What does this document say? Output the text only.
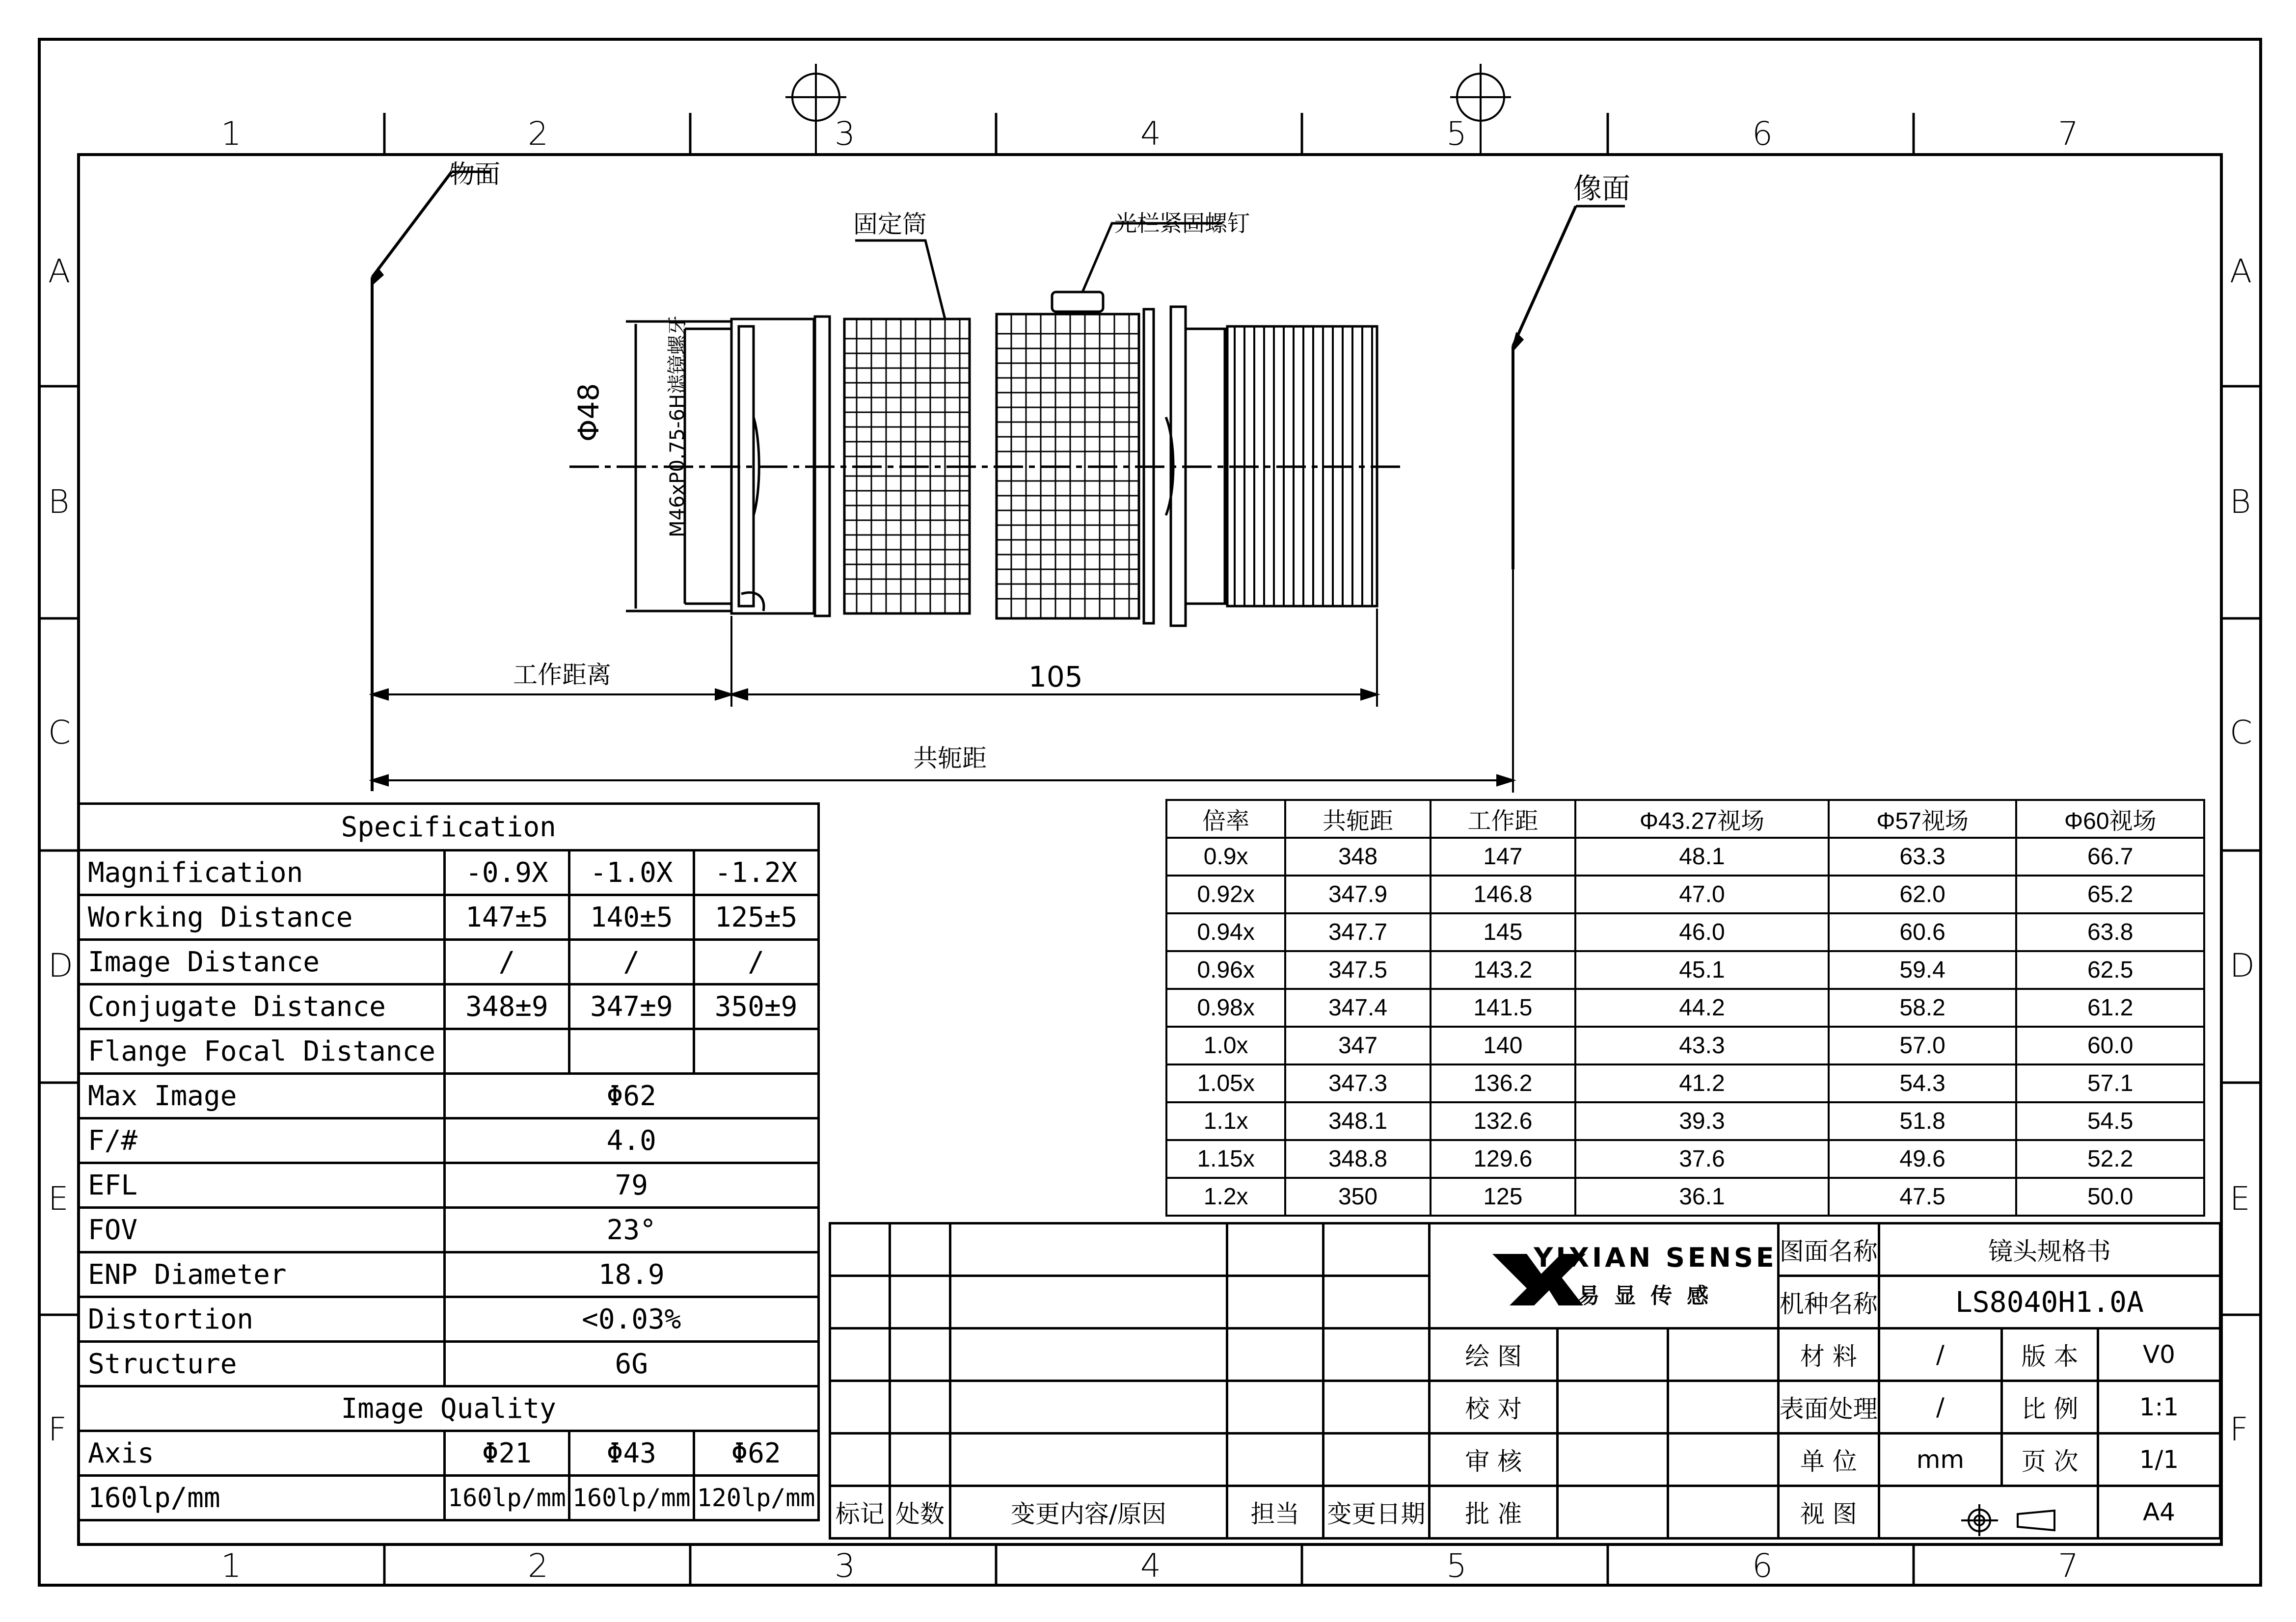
1	2	3	4	5	6	7
1	2	3	4	5	6	7
A
B
C
D
E
F
A
B
C
D
E
F
物面	像面
固定筒	光栏紧固螺钉
Φ48	M46xP0.75-6H滤镜螺牙
工作距离	105
共轭距
Specification			
Magnification	-0.9X	-1.0X	-1.2X
Working Distance	147±5	140±5	125±5
Image Distance	/	/	/
Conjugate Distance	348±9	347±9	350±9
Flange Focal Distance			
Max Image	Φ62		
F/#	4.0		
EFL	79		
FOV	23°		
ENP Diameter	18.9		
Distortion	<0.03%		
Structure	6G		
Image Quality			
Axis	Φ21	Φ43	Φ62
160lp/mm	160lp/mm	160lp/mm	120lp/mm
倍率	共轭距	工作距	Φ43.27视场	Φ57视场	Φ60视场
0.9x	348	147	48.1	63.3	66.7
0.92x	347.9	146.8	47.0	62.0	65.2
0.94x	347.7	145	46.0	60.6	63.8
0.96x	347.5	143.2	45.1	59.4	62.5
0.98x	347.4	141.5	44.2	58.2	61.2
1.0x	347	140	43.3	57.0	60.0
1.05x	347.3	136.2	41.2	54.3	57.1
1.1x	348.1	132.6	39.3	51.8	54.5
1.15x	348.8	129.6	37.6	49.6	52.2
1.2x	350	125	36.1	47.5	50.0

					YIXIAN SENSE
易显传感			图面名称	镜头规格书		
								机种名称	LS8040H1.0A		
					绘 图			材 料	/	版 本	V0
					校 对			表面处理	/	比 例	1:1
					审 核			单 位	mm	页 次	1/1
标记	处数	变更内容/原因	担当	变更日期	批 准			视 图			A4
